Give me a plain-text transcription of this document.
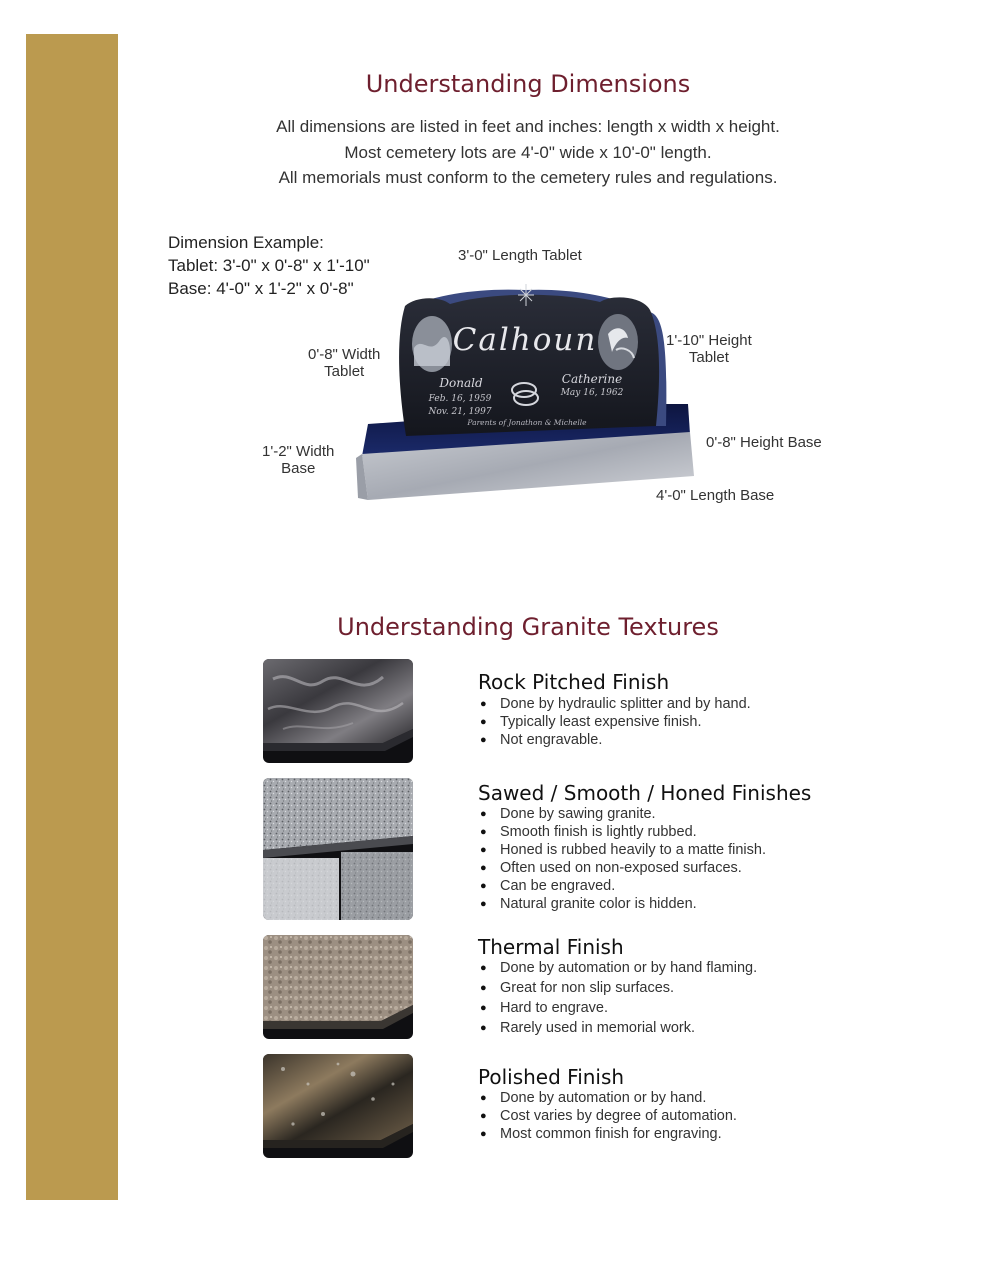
Understanding Dimensions
All dimensions are listed in feet and inches: length x width x height.
Most cemetery lots are 4'-0" wide x 10'-0" length.
All memorials must conform to the cemetery rules and regulations.
Dimension Example:
Tablet: 3'-0" x 0'-8" x 1'-10"
Base: 4'-0" x 1'-2" x 0'-8"
3'-0" Length Tablet
0'-8" Width
Tablet
1'-10" Height
Tablet
1'-2" Width
Base
0'-8" Height Base
4'-0" Length Base
Calhoun
Donald
Feb. 16, 1959
Nov. 21, 1997
Catherine
May 16, 1962
Parents of Jonathon & Michelle
Understanding Granite Textures
Rock Pitched Finish
● Done by hydraulic splitter and by hand.
● Typically least expensive finish.
● Not engravable.
Sawed / Smooth / Honed Finishes
● Done by sawing granite.
● Smooth finish is lightly rubbed.
● Honed is rubbed heavily to a matte finish.
● Often used on non-exposed surfaces.
● Can be engraved.
● Natural granite color is hidden.
Thermal Finish
● Done by automation or by hand flaming.
● Great for non slip surfaces.
● Hard to engrave.
● Rarely used in memorial work.
Polished Finish
● Done by automation or by hand.
● Cost varies by degree of automation.
● Most common finish for engraving.
